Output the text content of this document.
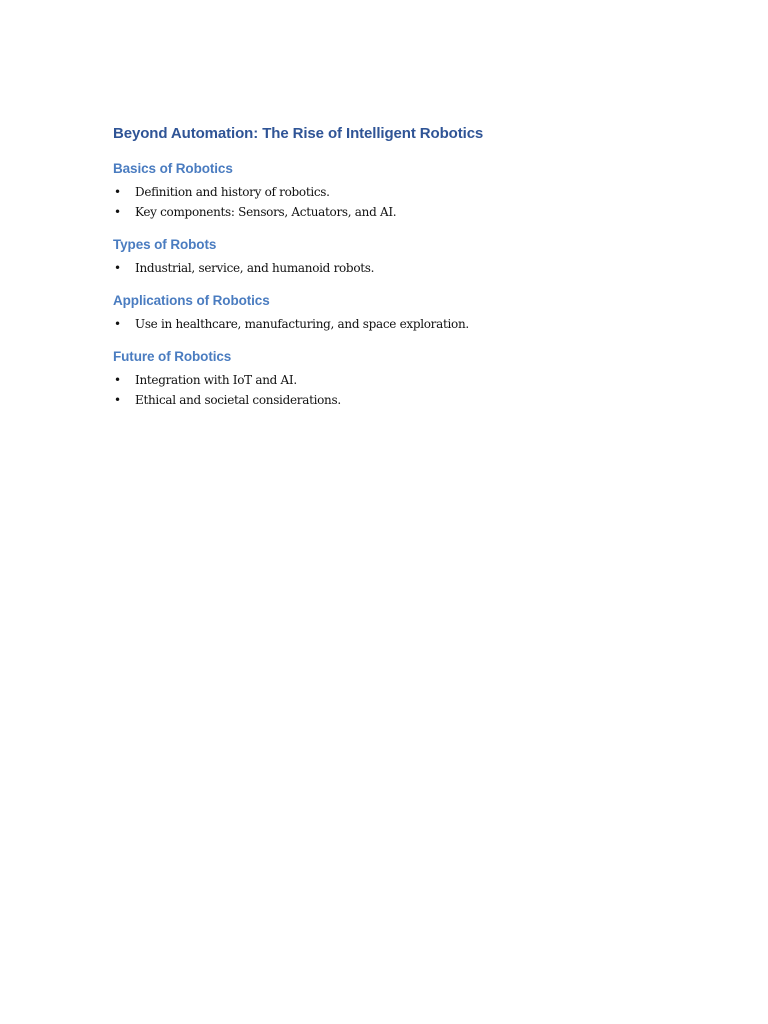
Beyond Automation: The Rise of Intelligent Robotics
Basics of Robotics
• Definition and history of robotics.
• Key components: Sensors, Actuators, and AI.
Types of Robots
• Industrial, service, and humanoid robots.
Applications of Robotics
• Use in healthcare, manufacturing, and space exploration.
Future of Robotics
• Integration with IoT and AI.
• Ethical and societal considerations.
